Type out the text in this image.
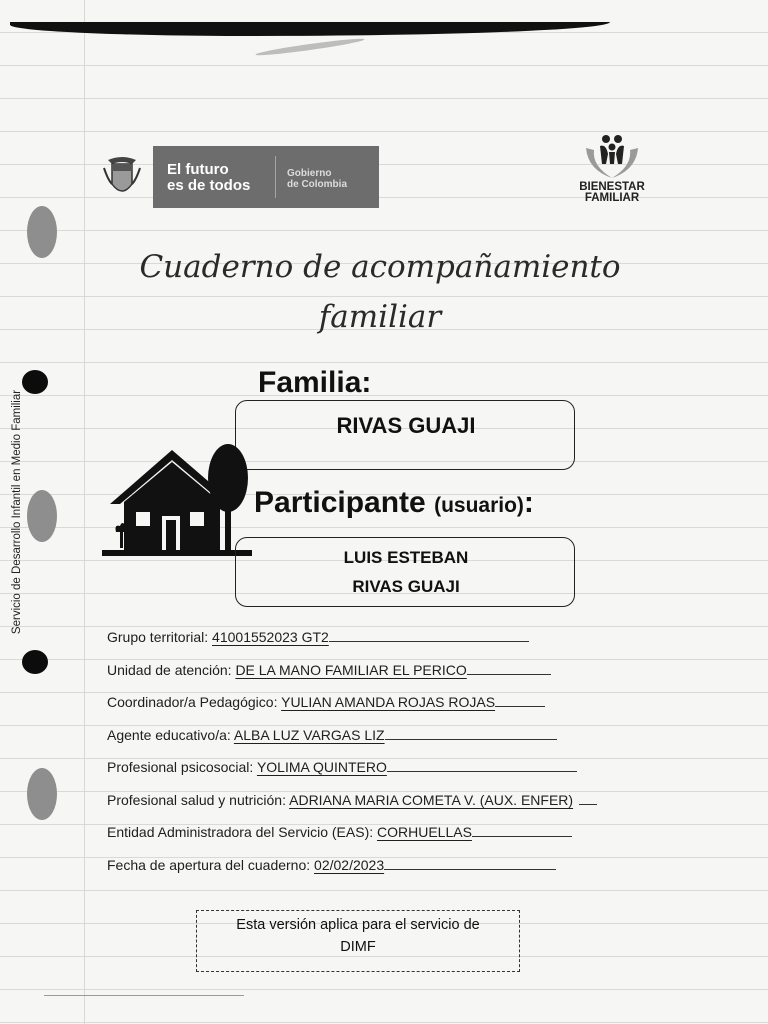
Servicio de Desarrollo Infantil en Medio Familiar
El futuro
es de todos
Gobierno
de Colombia	BIENESTAR
FAMILIAR
Cuaderno de acompañamiento
familiar
Familia:
RIVAS GUAJI
Participante (usuario):
LUIS ESTEBAN
RIVAS GUAJI
Grupo territorial: 41001552023 GT2
Unidad de atención: DE LA MANO FAMILIAR EL PERICO
Coordinador/a Pedagógico: YULIAN AMANDA ROJAS ROJAS
Agente educativo/a: ALBA LUZ VARGAS LIZ
Profesional psicosocial: YOLIMA QUINTERO
Profesional salud y nutrición: ADRIANA MARIA COMETA V. (AUX. ENFER)
Entidad Administradora del Servicio (EAS): CORHUELLAS
Fecha de apertura del cuaderno: 02/02/2023
Esta versión aplica para el servicio de
DIMF
